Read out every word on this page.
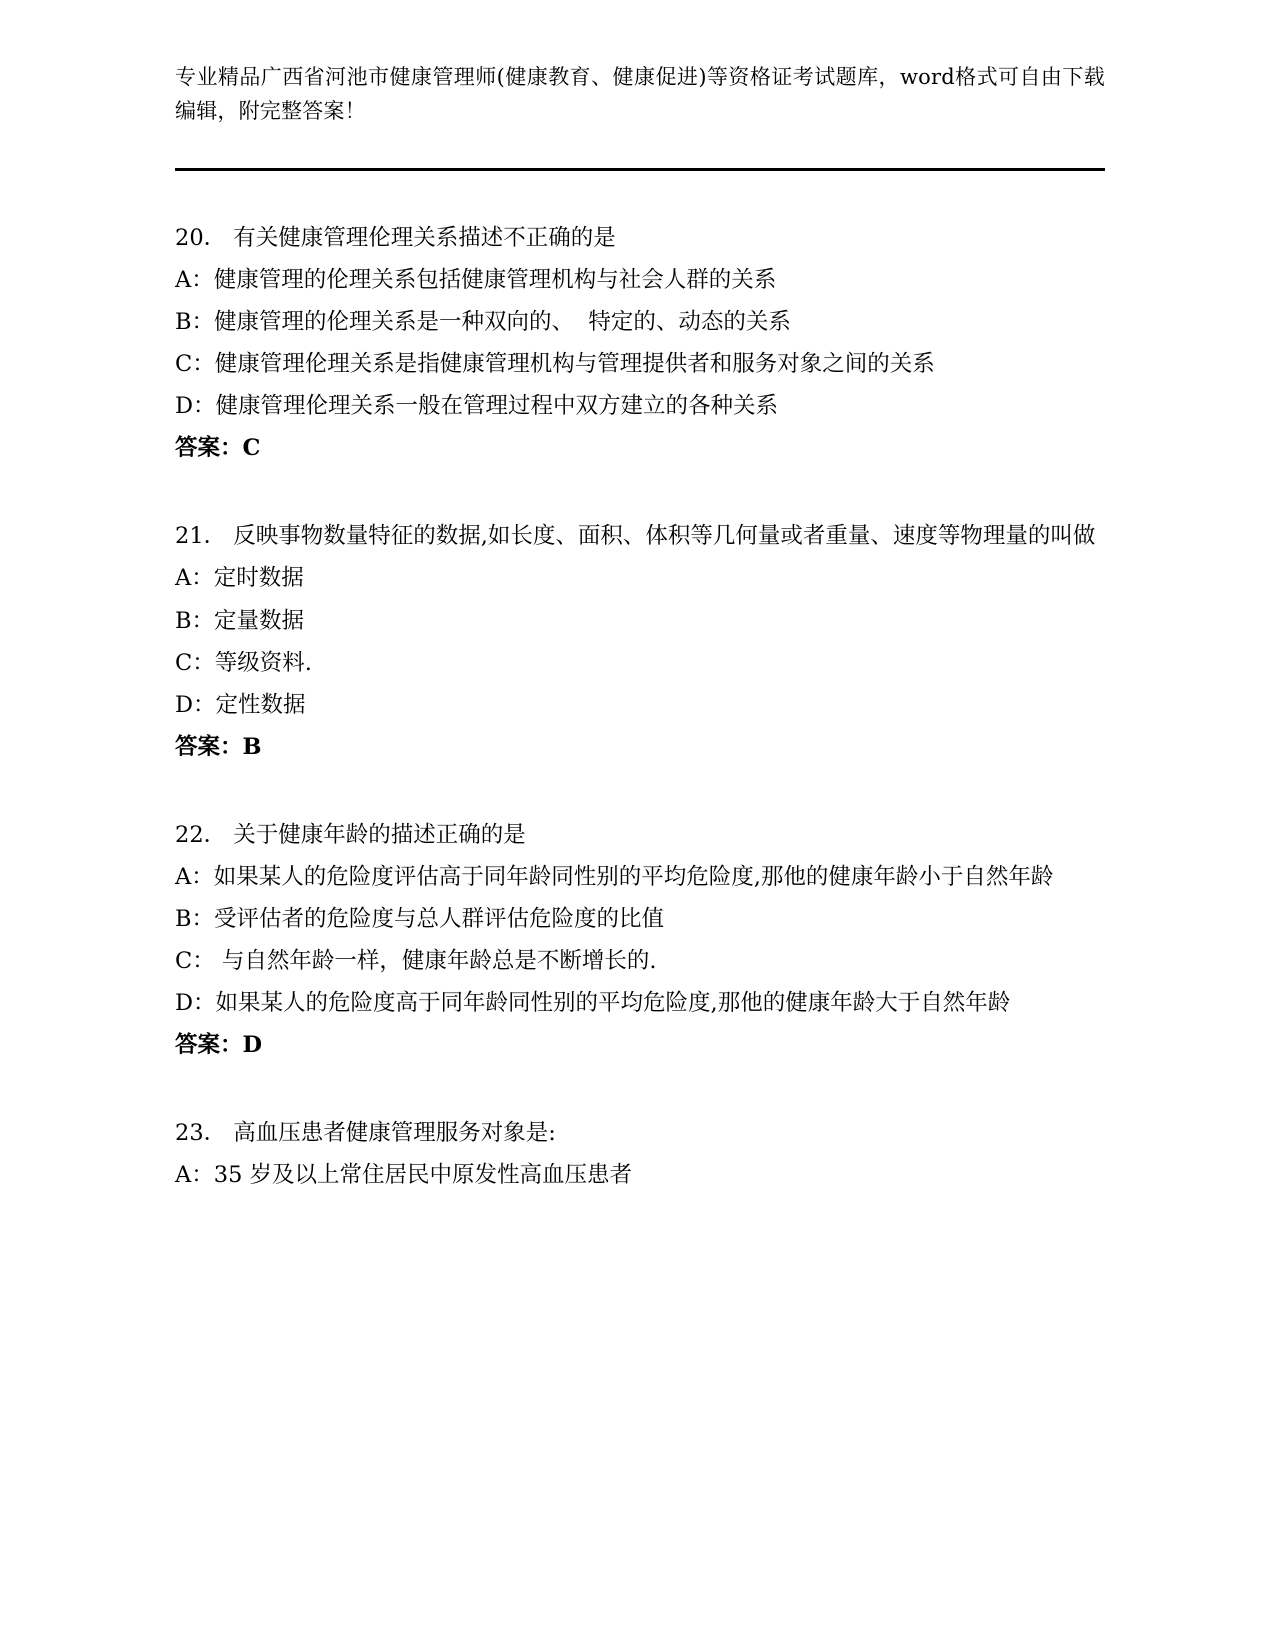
专业精品广西省河池市健康管理师(健康教育、健康促进)等资格证考试题库，word格式可自由下载编辑，附完整答案！
20． 有关健康管理伦理关系描述不正确的是
A：健康管理的伦理关系包括健康管理机构与社会人群的关系
B：健康管理的伦理关系是一种双向的、  特定的、动态的关系
C：健康管理伦理关系是指健康管理机构与管理提供者和服务对象之间的关系
D：健康管理伦理关系一般在管理过程中双方建立的各种关系
答案：C
21． 反映事物数量特征的数据,如长度、面积、体积等几何量或者重量、速度等物理量的叫做
A：定时数据
B：定量数据
C：等级资料.
D：定性数据
答案：B
22． 关于健康年龄的描述正确的是
A：如果某人的危险度评估高于同年龄同性别的平均危险度,那他的健康年龄小于自然年龄
B：受评估者的危险度与总人群评估危险度的比值
C： 与自然年龄一样，健康年龄总是不断增长的.
D：如果某人的危险度高于同年龄同性别的平均危险度,那他的健康年龄大于自然年龄
答案：D
23． 高血压患者健康管理服务对象是:
A：35 岁及以上常住居民中原发性高血压患者
